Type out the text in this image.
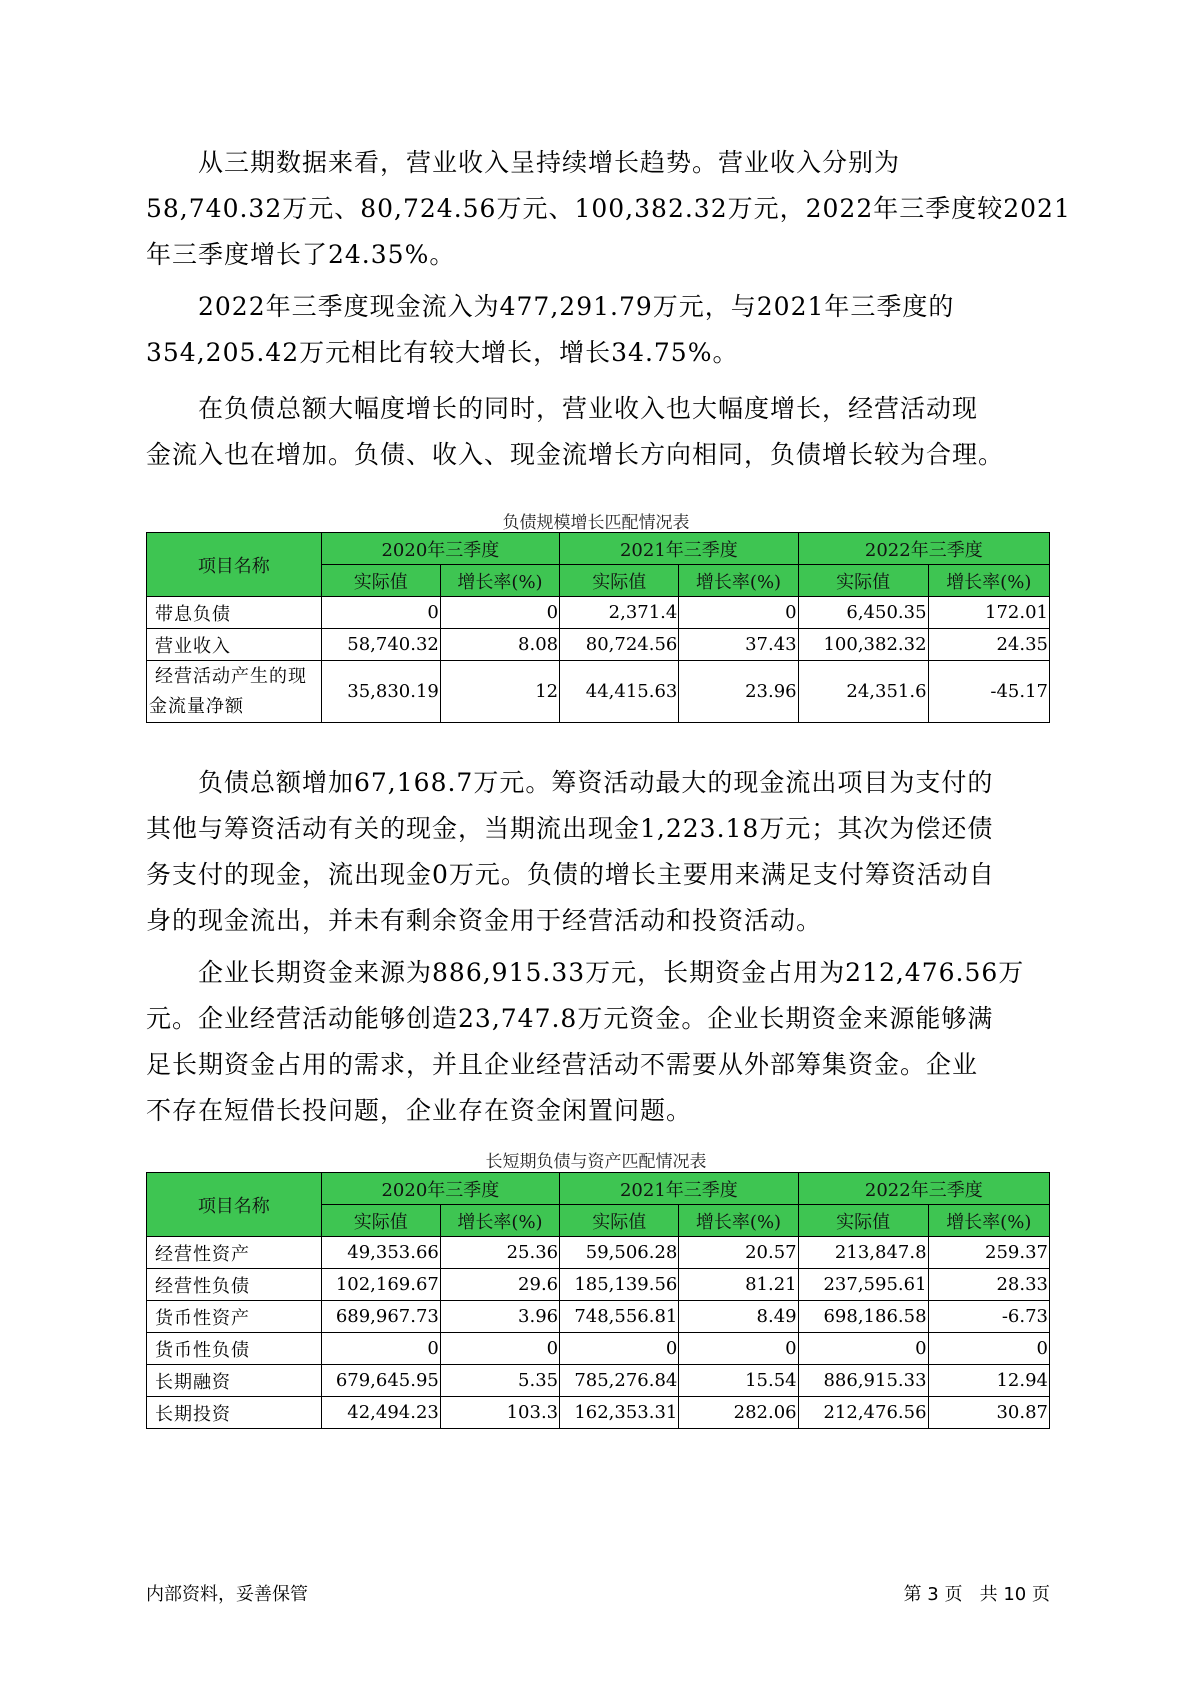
　　从三期数据来看，营业收入呈持续增长趋势。营业收入分别为
58,740.32万元、80,724.56万元、100,382.32万元，2022年三季度较2021
年三季度增长了24.35%。
　　2022年三季度现金流入为477,291.79万元，与2021年三季度的
354,205.42万元相比有较大增长，增长34.75%。
　　在负债总额大幅度增长的同时，营业收入也大幅度增长，经营活动现
金流入也在增加。负债、收入、现金流增长方向相同，负债增长较为合理。
负债规模增长匹配情况表
项目名称	2020年三季度		2021年三季度		2022年三季度	
	实际值	增长率(%)	实际值	增长率(%)	实际值	增长率(%)
带息负债	0	0	2,371.4	0	6,450.35	172.01
营业收入	58,740.32	8.08	80,724.56	37.43	100,382.32	24.35

经营活动产生的现
金流量净额	35,830.19	12	44,415.63	23.96	24,351.6	-45.17
　　负债总额增加67,168.7万元。筹资活动最大的现金流出项目为支付的
其他与筹资活动有关的现金，当期流出现金1,223.18万元；其次为偿还债
务支付的现金，流出现金0万元。负债的增长主要用来满足支付筹资活动自
身的现金流出，并未有剩余资金用于经营活动和投资活动。
　　企业长期资金来源为886,915.33万元，长期资金占用为212,476.56万
元。企业经营活动能够创造23,747.8万元资金。企业长期资金来源能够满
足长期资金占用的需求，并且企业经营活动不需要从外部筹集资金。企业
不存在短借长投问题，企业存在资金闲置问题。
长短期负债与资产匹配情况表
项目名称	2020年三季度		2021年三季度		2022年三季度	
	实际值	增长率(%)	实际值	增长率(%)	实际值	增长率(%)
经营性资产	49,353.66	25.36	59,506.28	20.57	213,847.8	259.37
经营性负债	102,169.67	29.6	185,139.56	81.21	237,595.61	28.33
货币性资产	689,967.73	3.96	748,556.81	8.49	698,186.58	-6.73
货币性负债	0	0	0	0	0	0
长期融资	679,645.95	5.35	785,276.84	15.54	886,915.33	12.94
长期投资	42,494.23	103.3	162,353.31	282.06	212,476.56	30.87
内部资料，妥善保管	第 3 页   共 10 页
